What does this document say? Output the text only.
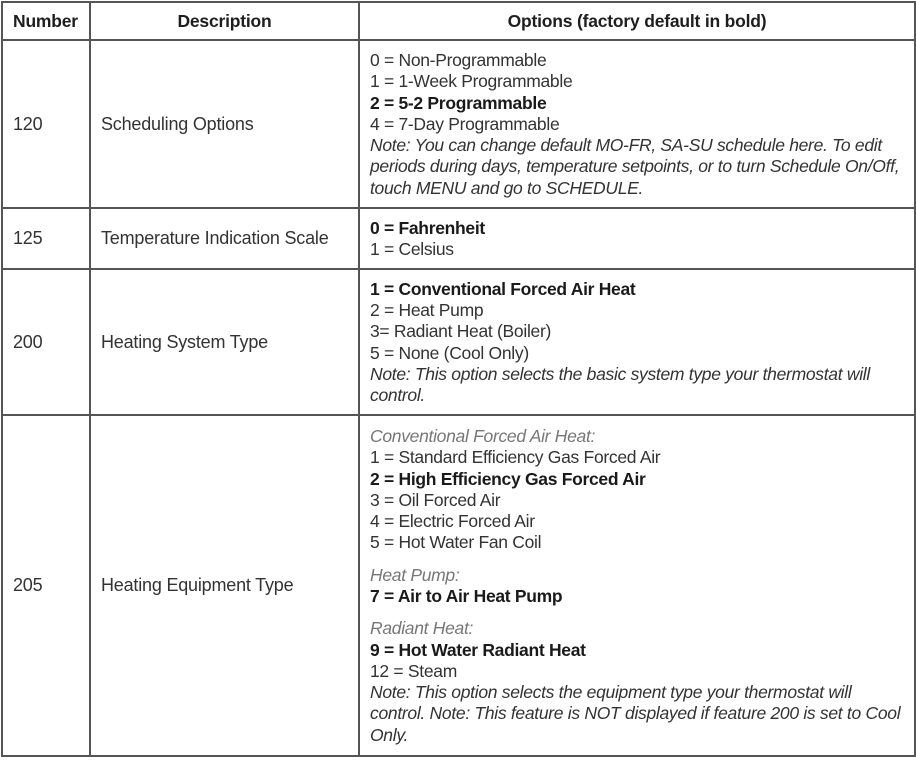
Number	Description	Options (factory default in bold)
120	Scheduling Options	0 = Non-Programmable
1 = 1-Week Programmable
2 = 5-2 Programmable
4 = 7-Day Programmable
Note: You can change default MO-FR, SA-SU schedule here. To edit periods during days, temperature setpoints, or to turn Schedule On/Off, touch MENU and go to SCHEDULE.

125	Temperature Indication Scale	0 = Fahrenheit
1 = Celsius

200	Heating System Type	1 = Conventional Forced Air Heat
2 = Heat Pump
3= Radiant Heat (Boiler)
5 = None (Cool Only)
Note: This option selects the basic system type your thermostat will control.

205	Heating Equipment Type	
Conventional Forced Air Heat:
1 = Standard Efficiency Gas Forced Air
2 = High Efficiency Gas Forced Air
3 = Oil Forced Air
4 = Electric Forced Air
5 = Hot Water Fan Coil
Heat Pump:
7 = Air to Air Heat Pump
Radiant Heat:
9 = Hot Water Radiant Heat
12 = Steam
Note: This option selects the equipment type your thermostat will control. Note: This feature is NOT displayed if feature 200 is set to Cool Only.
